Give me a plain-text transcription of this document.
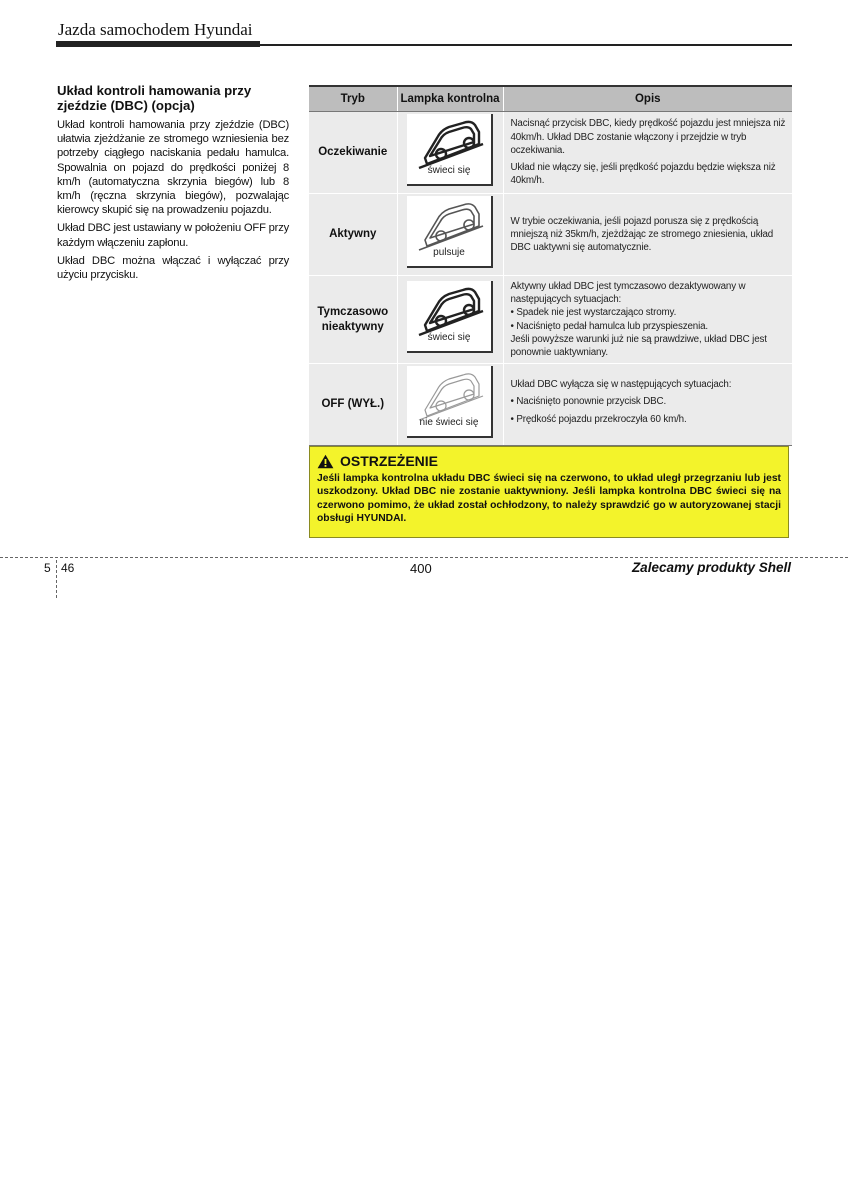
Jazda samochodem Hyundai
Układ kontroli hamowania przy zjeździe (DBC) (opcja)

Układ kontroli hamowania przy zjeździe (DBC) ułatwia zjeżdżanie ze stromego wzniesienia bez potrzeby ciągłego naciskania pedału hamulca. Spowalnia on pojazd do prędkości poniżej 8 km/h (automatyczna skrzynia biegów) lub 8 km/h (ręczna skrzynia biegów), pozwalając kierowcy skupić się na prowadzeniu pojazdu.

Układ DBC jest ustawiany w położeniu OFF przy każdym włączeniu zapłonu.

Układ DBC można włączać i wyłączać przy użyciu przycisku.

Tryb	Lampka kontrolna	Opis
Oczekiwanie	świeci się	Nacisnąć przycisk DBC, kiedy prędkość pojazdu jest mniejsza niż 40km/h. Układ DBC zostanie włączony i przejdzie w tryb oczekiwania.

Układ nie włączy się, jeśli prędkość pojazdu będzie większa niż 40km/h.

Aktywny	pulsuje	W trybie oczekiwania, jeśli pojazd porusza się z prędkością mniejszą niż 35km/h, zjeżdżając ze stromego zniesienia, układ DBC uaktywni się automatycznie.

Tymczasowo nieaktywny	świeci się	Aktywny układ DBC jest tymczasowo dezaktywowany w następujących sytuacjach:

• Spadek nie jest wystarczająco stromy.

• Naciśnięto pedał hamulca lub przyspieszenia.

Jeśli powyższe warunki już nie są prawdziwe, układ DBC jest ponownie uaktywniany.

OFF (WYŁ.)	nie świeci się	Układ DBC wyłącza się w następujących sytuacjach:

• Naciśnięto ponownie przycisk DBC.

• Prędkość pojazdu przekroczyła 60 km/h.

OSTRZEŻENIE

Jeśli lampka kontrolna układu DBC świeci się na czerwono, to układ uległ przegrzaniu lub jest uszkodzony. Układ DBC nie zostanie uaktywniony. Jeśli lampka kontrolna DBC świeci się na czerwono pomimo, że układ został ochłodzony, to należy sprawdzić go w autoryzowanej stacji obsługi HYUNDAI.

5 46	400	Zalecamy produkty Shell
